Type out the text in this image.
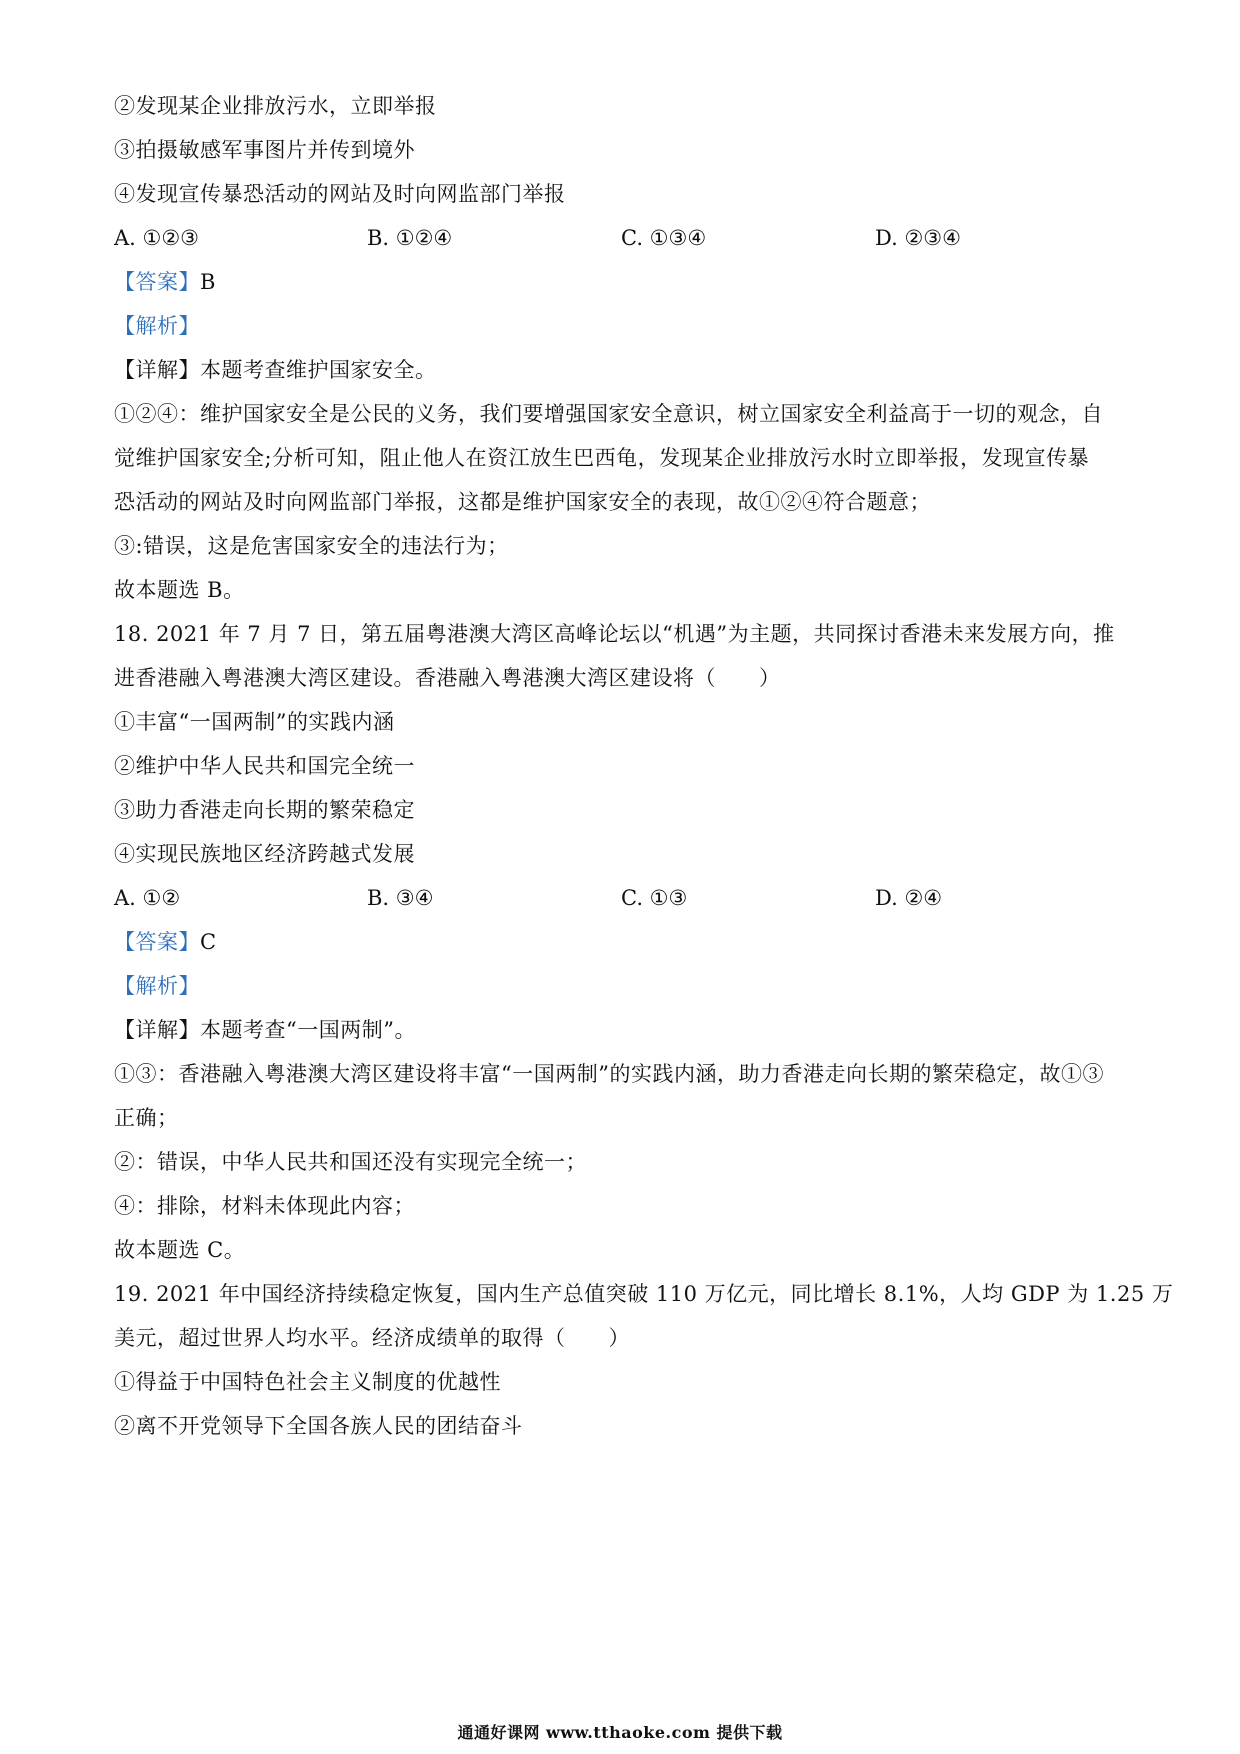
②发现某企业排放污水，立即举报
③拍摄敏感军事图片并传到境外
④发现宣传暴恐活动的网站及时向网监部门举报
A. ①②③	B. ①②④	C. ①③④	D. ②③④
【答案】B
【解析】
【详解】本题考查维护国家安全。
①②④：维护国家安全是公民的义务，我们要增强国家安全意识，树立国家安全利益高于一切的观念，自
觉维护国家安全;分析可知，阻止他人在资江放生巴西龟，发现某企业排放污水时立即举报，发现宣传暴
恐活动的网站及时向网监部门举报，这都是维护国家安全的表现，故①②④符合题意；
③:错误，这是危害国家安全的违法行为；
故本题选 B。
18. 2021 年 7 月 7 日，第五届粤港澳大湾区高峰论坛以“机遇”为主题，共同探讨香港未来发展方向，推
进香港融入粤港澳大湾区建设。香港融入粤港澳大湾区建设将（　　）
①丰富“一国两制”的实践内涵
②维护中华人民共和国完全统一
③助力香港走向长期的繁荣稳定
④实现民族地区经济跨越式发展
A. ①②	B. ③④	C. ①③	D. ②④
【答案】C
【解析】
【详解】本题考查“一国两制”。
①③：香港融入粤港澳大湾区建设将丰富“一国两制”的实践内涵，助力香港走向长期的繁荣稳定，故①③
正确；
②：错误，中华人民共和国还没有实现完全统一；
④：排除，材料未体现此内容；
故本题选 C。
19. 2021 年中国经济持续稳定恢复，国内生产总值突破 110 万亿元，同比增长 8.1%，人均 GDP 为 1.25 万
美元，超过世界人均水平。经济成绩单的取得（　　）
①得益于中国特色社会主义制度的优越性
②离不开党领导下全国各族人民的团结奋斗
通通好课网 www.tthaoke.com 提供下载
